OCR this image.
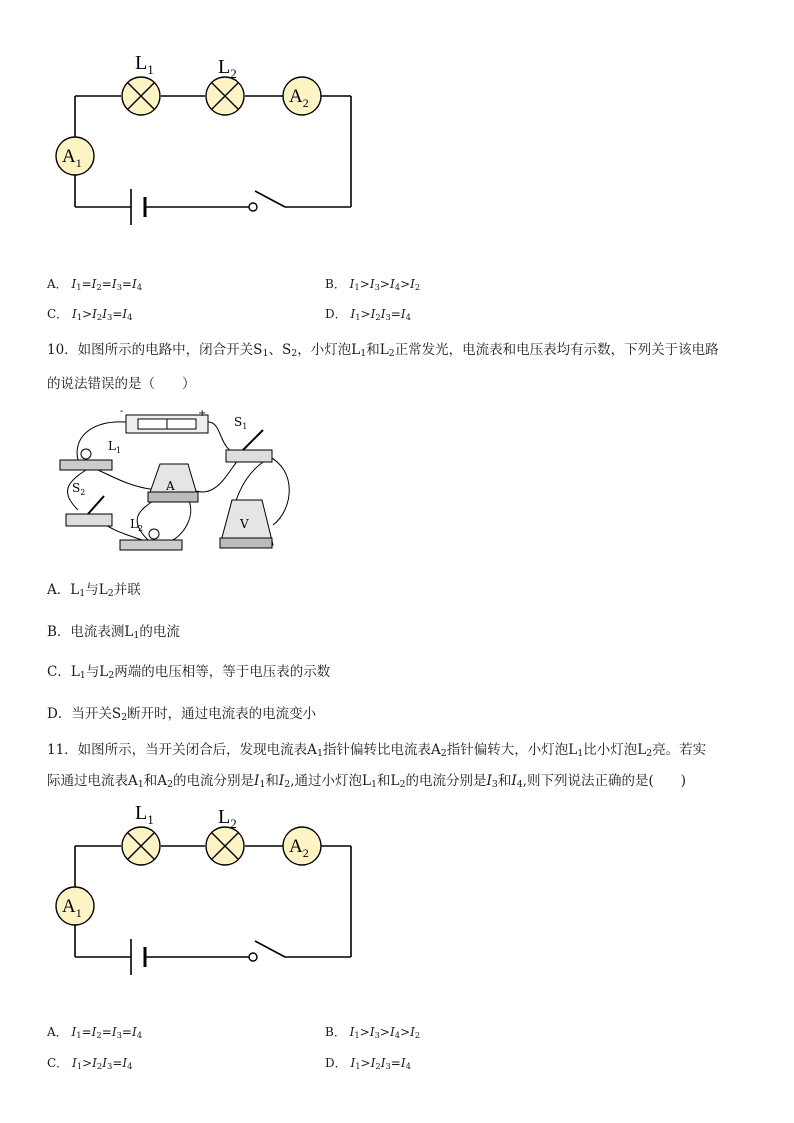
$L_1$	$L_2$
$A_2$
$A_1$
A． $I_1=I_2=I_3=I_4$	B． $I_1>I_3>I_4>I_2$
C． $I_1>I_2I_3=I_4$	D． $I_1>I_2I_3=I_4$
10．如图所示的电路中，闭合开关$S_1$、$S_2$，小灯泡$L_1$和$L_2$正常发光，电流表和电压表均有示数，下列关于该电路
的说法错误的是（　　）
-	+
$S_1$
$L_1$
A
$S_2$
$L_2$	V
A．$L_1$与$L_2$并联
B．电流表测$L_1$的电流
C．$L_1$与$L_2$两端的电压相等，等于电压表的示数
D．当开关$S_2$断开时，通过电流表的电流变小
11．如图所示，当开关闭合后，发现电流表$A_1$指针偏转比电流表$A_2$指针偏转大，小灯泡$L_1$比小灯泡$L_2$亮。若实
际通过电流表$A_1$和$A_2$的电流分别是$I_1$和$I_2$,通过小灯泡$L_1$和$L_2$的电流分别是$I_3$和$I_4$,则下列说法正确的是(　　)
$L_1$	$L_2$
$A_2$
$A_1$
A． $I_1=I_2=I_3=I_4$	B． $I_1>I_3>I_4>I_2$
C． $I_1>I_2I_3=I_4$	D． $I_1>I_2I_3=I_4$
